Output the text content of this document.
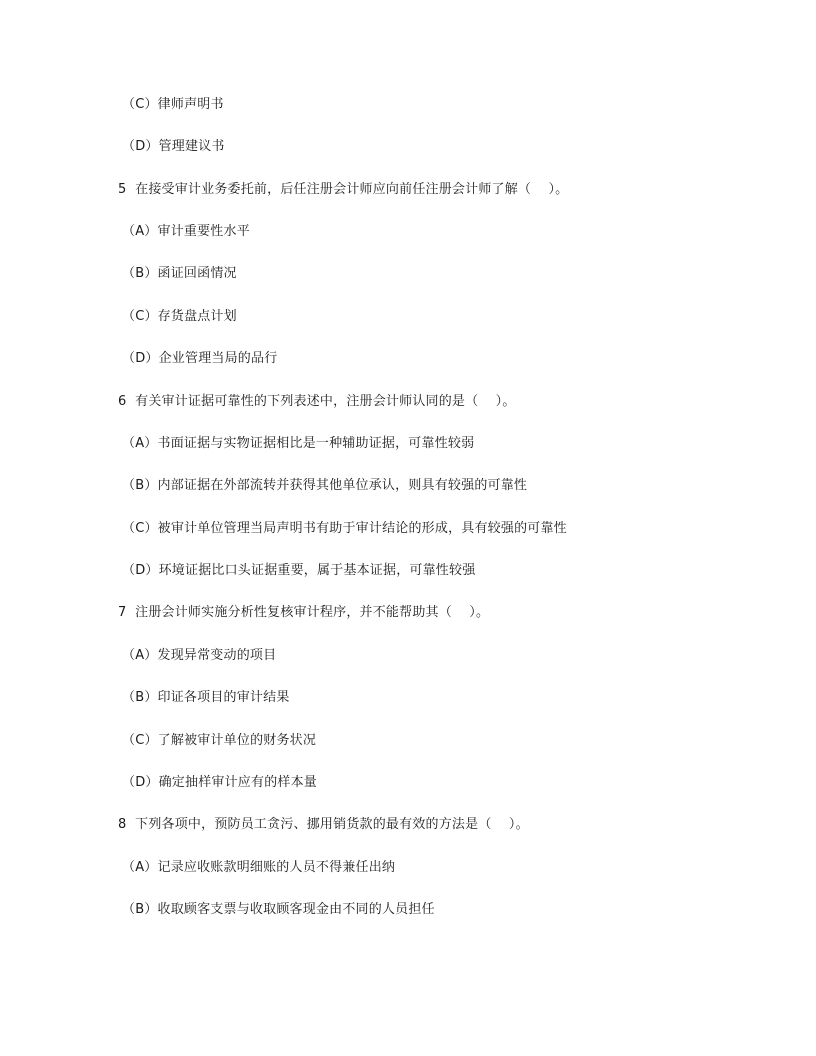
（C）律师声明书
（D）管理建议书
5  在接受审计业务委托前，后任注册会计师应向前任注册会计师了解（    ）。
（A）审计重要性水平
（B）函证回函情况
（C）存货盘点计划
（D）企业管理当局的品行
6  有关审计证据可靠性的下列表述中，注册会计师认同的是（    ）。
（A）书面证据与实物证据相比是一种辅助证据，可靠性较弱
（B）内部证据在外部流转并获得其他单位承认，则具有较强的可靠性
（C）被审计单位管理当局声明书有助于审计结论的形成，具有较强的可靠性
（D）环境证据比口头证据重要，属于基本证据，可靠性较强
7  注册会计师实施分析性复核审计程序，并不能帮助其（    ）。
（A）发现异常变动的项目
（B）印证各项目的审计结果
（C）了解被审计单位的财务状况
（D）确定抽样审计应有的样本量
8  下列各项中，预防员工贪污、挪用销货款的最有效的方法是（    ）。
（A）记录应收账款明细账的人员不得兼任出纳
（B）收取顾客支票与收取顾客现金由不同的人员担任
